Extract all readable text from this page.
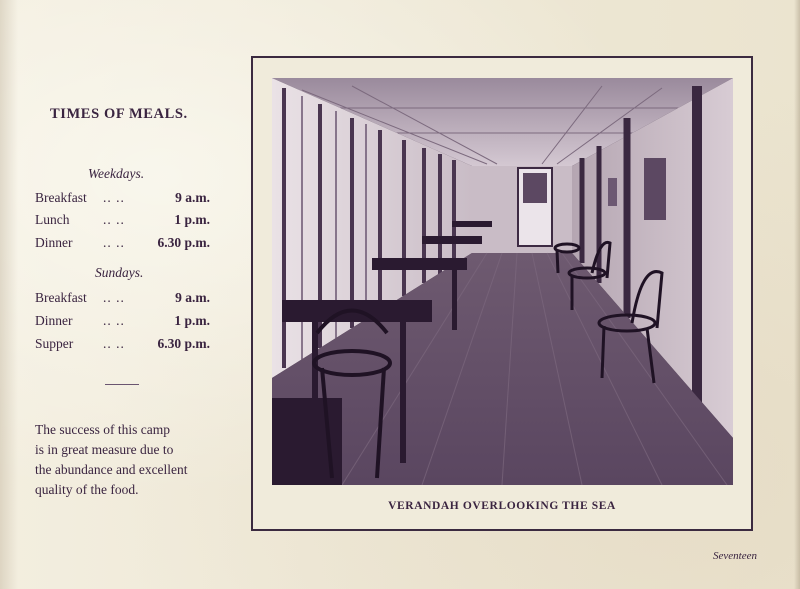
TIMES OF MEALS.
Weekdays.
Breakfast .. ..	9 a.m.
Lunch .. ..	1 p.m.
Dinner .. .. 6.30 p.m.
Sundays.
Breakfast .. ..	9 a.m.
Dinner .. ..	1 p.m.
Supper .. .. 6.30 p.m.
The success of this camp
is in great measure due to
the abundance and excellent
quality of the food.
VERANDAH OVERLOOKING THE SEA
Seventeen
